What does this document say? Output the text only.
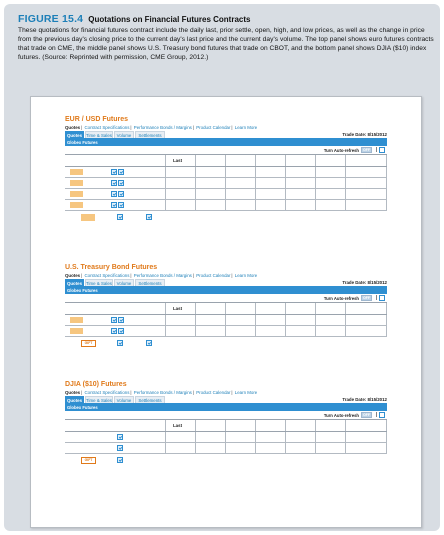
FIGURE 15.4 Quotations on Financial Futures Contracts
These quotations for financial futures contract include the daily last, prior settle, open, high, and low prices, as well as the change in price from the previous day's closing price to the current day's last price and the current day's volume. The top panel shows euro futures contracts that trade on CME, the middle panel shows U.S. Treasury bond futures that trade on CBOT, and the bottom panel shows DJIA ($10) index futures. (Source: Reprinted with permission, CME Group, 2012.)
EUR / USD Futures
Quotes| Contract Specifications| Performance Bonds / Margins| Product Calendar| Learn More
Quotes Time & Sales	Volume	Settlements	Trade Date: 8/15/2012
Globex Futures
Turn Auto-refresh	OFF	|
Last
U.S. Treasury Bond Futures
Quotes| Contract Specifications| Performance Bonds / Margins| Product Calendar| Learn More
Quotes Time & Sales	Volume	Settlements	Trade Date: 8/15/2012
Globex Futures
Turn Auto-refresh	OFF	|
Last
GIFT
DJIA ($10) Futures
Quotes| Contract Specifications| Performance Bonds / Margins| Product Calendar| Learn More
Quotes Time & Sales	Volume	Settlements	Trade Date: 8/15/2012
Globex Futures
Turn Auto-refresh	OFF	|
Last
GIFT
